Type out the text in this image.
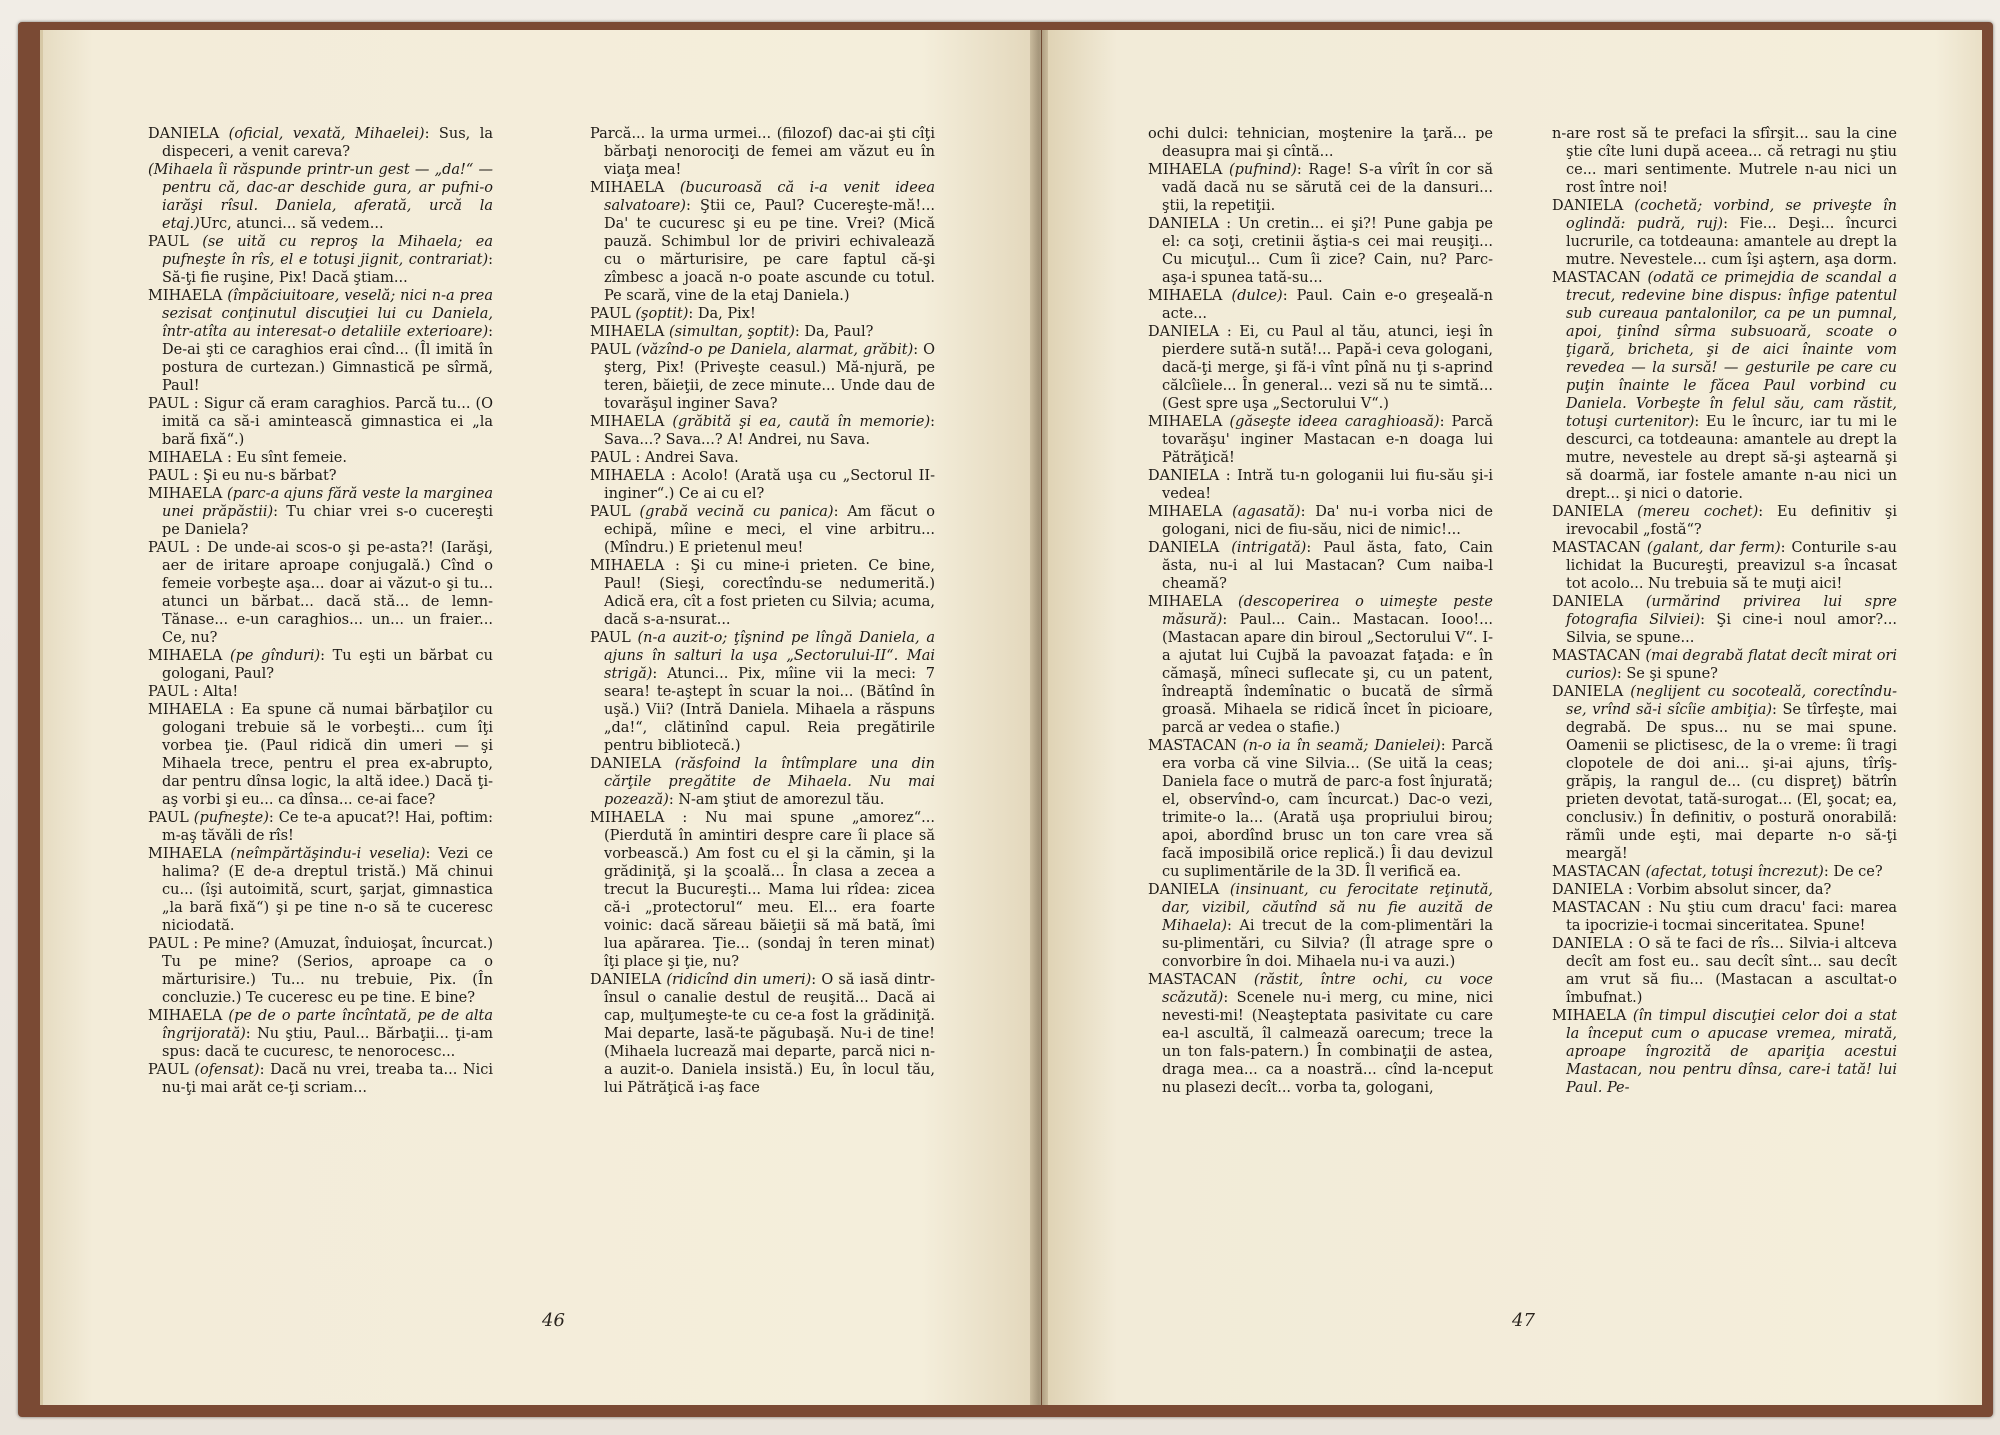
DANIELA (oficial, vexată, Mihaelei): Sus, la dispeceri, a venit careva?

(Mihaela îi răspunde printr-un gest — „da!“ — pentru că, dac-ar deschide gura, ar pufni-o iarăşi rîsul. Daniela, aferată, urcă la etaj.)Urc, atunci... să vedem...

PAUL (se uită cu reproş la Mihaela; ea pufneşte în rîs, el e totuşi jignit, contrariat): Să-ţi fie ruşine, Pix! Dacă ştiam...

MIHAELA (împăciuitoare, veselă; nici n-a prea sezisat conţinutul discuţiei lui cu Daniela, într-atîta au interesat-o detaliile exterioare): De-ai şti ce caraghios erai cînd... (Îl imită în postura de curtezan.) Gimnastică pe sîrmă, Paul!

PAUL : Sigur că eram caraghios. Parcă tu... (O imită ca să-i amintească gimnastica ei „la bară fixă“.)

MIHAELA : Eu sînt femeie.

PAUL : Şi eu nu-s bărbat?

MIHAELA (parc-a ajuns fără veste la marginea unei prăpăstii): Tu chiar vrei s-o cucereşti pe Daniela?

PAUL : De unde-ai scos-o şi pe-asta?! (Iarăşi, aer de iritare aproape conjugală.) Cînd o femeie vorbeşte aşa... doar ai văzut-o şi tu... atunci un bărbat... dacă stă... de lemn-Tănase... e-un caraghios... un... un fraier... Ce, nu?

MIHAELA (pe gînduri): Tu eşti un bărbat cu gologani, Paul?

PAUL : Alta!

MIHAELA : Ea spune că numai bărbaţilor cu gologani trebuie să le vorbeşti... cum îţi vorbea ţie. (Paul ridică din umeri — şi Mihaela trece, pentru el prea ex-abrupto, dar pentru dînsa logic, la altă idee.) Dacă ţi-aş vorbi şi eu... ca dînsa... ce-ai face?

PAUL (pufneşte): Ce te-a apucat?! Hai, poftim: m-aş tăvăli de rîs!

MIHAELA (neîmpărtăşindu-i veselia): Vezi ce halima? (E de-a dreptul tristă.) Mă chinui cu... (îşi autoimită, scurt, şarjat, gimnastica „la bară fixă“) şi pe tine n-o să te cuceresc niciodată.

PAUL : Pe mine? (Amuzat, înduioşat, încurcat.) Tu pe mine? (Serios, aproape ca o mărturisire.) Tu... nu trebuie, Pix. (În concluzie.) Te cuceresc eu pe tine. E bine?

MIHAELA (pe de o parte încîntată, pe de alta îngrijorată): Nu ştiu, Paul... Bărbaţii... ţi-am spus: dacă te cucuresc, te nenorocesc...

PAUL (ofensat): Dacă nu vrei, treaba ta... Nici nu-ţi mai arăt ce-ţi scriam...

Parcă... la urma urmei... (filozof) dac-ai şti cîţi bărbaţi nenorociţi de femei am văzut eu în viaţa mea!

MIHAELA (bucuroasă că i-a venit ideea salvatoare): Ştii ce, Paul? Cucereşte-mă!... Da' te cucuresc şi eu pe tine. Vrei? (Mică pauză. Schimbul lor de priviri echivalează cu o mărturisire, pe care faptul că-şi zîmbesc a joacă n-o poate ascunde cu totul. Pe scară, vine de la etaj Daniela.)

PAUL (şoptit): Da, Pix!

MIHAELA (simultan, şoptit): Da, Paul?

PAUL (văzînd-o pe Daniela, alarmat, grăbit): O şterg, Pix! (Priveşte ceasul.) Mă-njură, pe teren, băieţii, de zece minute... Unde dau de tovarăşul inginer Sava?

MIHAELA (grăbită şi ea, caută în memorie): Sava...? Sava...? A! Andrei, nu Sava.

PAUL : Andrei Sava.

MIHAELA : Acolo! (Arată uşa cu „Sectorul II-inginer“.) Ce ai cu el?

PAUL (grabă vecină cu panica): Am făcut o echipă, mîine e meci, el vine arbitru... (Mîndru.) E prietenul meu!

MIHAELA : Şi cu mine-i prieten. Ce bine, Paul! (Sieşi, corectîndu-se nedumerită.) Adică era, cît a fost prieten cu Silvia; acuma, dacă s-a-nsurat...

PAUL (n-a auzit-o; ţîşnind pe lîngă Daniela, a ajuns în salturi la uşa „Sectorului-II“. Mai strigă): Atunci... Pix, mîine vii la meci: 7 seara! te-aştept în scuar la noi... (Bătînd în uşă.) Vii? (Intră Daniela. Mihaela a răspuns „da!“, clătinînd capul. Reia pregătirile pentru bibliotecă.)

DANIELA (răsfoind la întîmplare una din cărţile pregătite de Mihaela. Nu mai pozează): N-am ştiut de amorezul tău.

MIHAELA : Nu mai spune „amorez“... (Pierdută în amintiri despre care îi place să vorbească.) Am fost cu el şi la cămin, şi la grădiniţă, şi la şcoală... În clasa a zecea a trecut la Bucureşti... Mama lui rîdea: zicea că-i „protectorul“ meu. El... era foarte voinic: dacă săreau băieţii să mă bată, îmi lua apărarea. Ţie... (sondaj în teren minat) îţi place şi ţie, nu?

DANIELA (ridicînd din umeri): O să iasă dintr-însul o canalie destul de reuşită... Dacă ai cap, mulţumeşte-te cu ce-a fost la grădiniţă. Mai departe, lasă-te păgubaşă. Nu-i de tine! (Mihaela lucrează mai departe, parcă nici n-a auzit-o. Daniela insistă.) Eu, în locul tău, lui Pătrăţică i-aş face

ochi dulci: tehnician, moştenire la ţară... pe deasupra mai şi cîntă...

MIHAELA (pufnind): Rage! S-a vîrît în cor să vadă dacă nu se sărută cei de la dansuri... ştii, la repetiţii.

DANIELA : Un cretin... ei şi?! Pune gabja pe el: ca soţi, cretinii ăştia-s cei mai reuşiţi... Cu micuţul... Cum îi zice? Cain, nu? Parc-aşa-i spunea tată-su...

MIHAELA (dulce): Paul. Cain e-o greşeală-n acte...

DANIELA : Ei, cu Paul al tău, atunci, ieşi în pierdere sută-n sută!... Papă-i ceva gologani, dacă-ţi merge, şi fă-i vînt pînă nu ţi s-aprind călcîiele... În general... vezi să nu te simtă... (Gest spre uşa „Sectorului V“.)

MIHAELA (găseşte ideea caraghioasă): Parcă tovarăşu' inginer Mastacan e-n doaga lui Pătrăţică!

DANIELA : Intră tu-n gologanii lui fiu-său şi-i vedea!

MIHAELA (agasată): Da' nu-i vorba nici de gologani, nici de fiu-său, nici de nimic!...

DANIELA (intrigată): Paul ăsta, fato, Cain ăsta, nu-i al lui Mastacan? Cum naiba-l cheamă?

MIHAELA (descoperirea o uimeşte peste măsură): Paul... Cain.. Mastacan. Iooo!... (Mastacan apare din biroul „Sectorului V“. I-a ajutat lui Cujbă la pavoazat faţada: e în cămaşă, mîneci suflecate şi, cu un patent, îndreaptă îndemînatic o bucată de sîrmă groasă. Mihaela se ridică încet în picioare, parcă ar vedea o stafie.)

MASTACAN (n-o ia în seamă; Danielei): Parcă era vorba că vine Silvia... (Se uită la ceas; Daniela face o mutră de parc-a fost înjurată; el, observînd-o, cam încurcat.) Dac-o vezi, trimite-o la... (Arată uşa propriului birou; apoi, abordînd brusc un ton care vrea să facă imposibilă orice replică.) Îi dau devizul cu suplimentările de la 3D. Îl verifică ea.

DANIELA (insinuant, cu ferocitate reţinută, dar, vizibil, căutînd să nu fie auzită de Mihaela): Ai trecut de la com-plimentări la su-plimentări, cu Silvia? (Îl atrage spre o convorbire în doi. Mihaela nu-i va auzi.)

MASTACAN (răstit, între ochi, cu voce scăzută): Scenele nu-i merg, cu mine, nici nevesti-mi! (Neaşteptata pasivitate cu care ea-l ascultă, îl calmează oarecum; trece la un ton fals-patern.) În combinaţii de astea, draga mea... ca a noastră... cînd la-nceput nu plasezi decît... vorba ta, gologani,

n-are rost să te prefaci la sfîrşit... sau la cine ştie cîte luni după aceea... că retragi nu ştiu ce... mari sentimente. Mutrele n-au nici un rost între noi!

DANIELA (cochetă; vorbind, se priveşte în oglindă: pudră, ruj): Fie... Deşi... încurci lucrurile, ca totdeauna: amantele au drept la mutre. Nevestele... cum îşi aştern, aşa dorm.

MASTACAN (odată ce primejdia de scandal a trecut, redevine bine dispus: înfige patentul sub cureaua pantalonilor, ca pe un pumnal, apoi, ţinînd sîrma subsuoară, scoate o ţigară, bricheta, şi de aici înainte vom revedea — la sursă! — gesturile pe care cu puţin înainte le făcea Paul vorbind cu Daniela. Vorbeşte în felul său, cam răstit, totuşi curtenitor): Eu le încurc, iar tu mi le descurci, ca totdeauna: amantele au drept la mutre, nevestele au drept să-şi aştearnă şi să doarmă, iar fostele amante n-au nici un drept... şi nici o datorie.

DANIELA (mereu cochet): Eu definitiv şi irevocabil „fostă“?

MASTACAN (galant, dar ferm): Conturile s-au lichidat la Bucureşti, preavizul s-a încasat tot acolo... Nu trebuia să te muţi aici!

DANIELA (urmărind privirea lui spre fotografia Silviei): Şi cine-i noul amor?... Silvia, se spune...

MASTACAN (mai degrabă flatat decît mirat ori curios): Se şi spune?

DANIELA (neglijent cu socoteală, corectîndu-se, vrînd să-i sîcîie ambiţia): Se tîrfeşte, mai degrabă. De spus... nu se mai spune. Oamenii se plictisesc, de la o vreme: îi tragi clopotele de doi ani... şi-ai ajuns, tîrîş-grăpiş, la rangul de... (cu dispreţ) bătrîn prieten devotat, tată-surogat... (El, şocat; ea, conclusiv.) În definitiv, o postură onorabilă: rămîi unde eşti, mai departe n-o să-ţi meargă!

MASTACAN (afectat, totuşi încrezut): De ce?

DANIELA : Vorbim absolut sincer, da?

MASTACAN : Nu ştiu cum dracu' faci: marea ta ipocrizie-i tocmai sinceritatea. Spune!

DANIELA : O să te faci de rîs... Silvia-i altceva decît am fost eu.. sau decît sînt... sau decît am vrut să fiu... (Mastacan a ascultat-o îmbufnat.)

MIHAELA (în timpul discuţiei celor doi a stat la început cum o apucase vremea, mirată, aproape îngrozită de apariţia acestui Mastacan, nou pentru dînsa, care-i tată! lui Paul. Pe-

46	47
